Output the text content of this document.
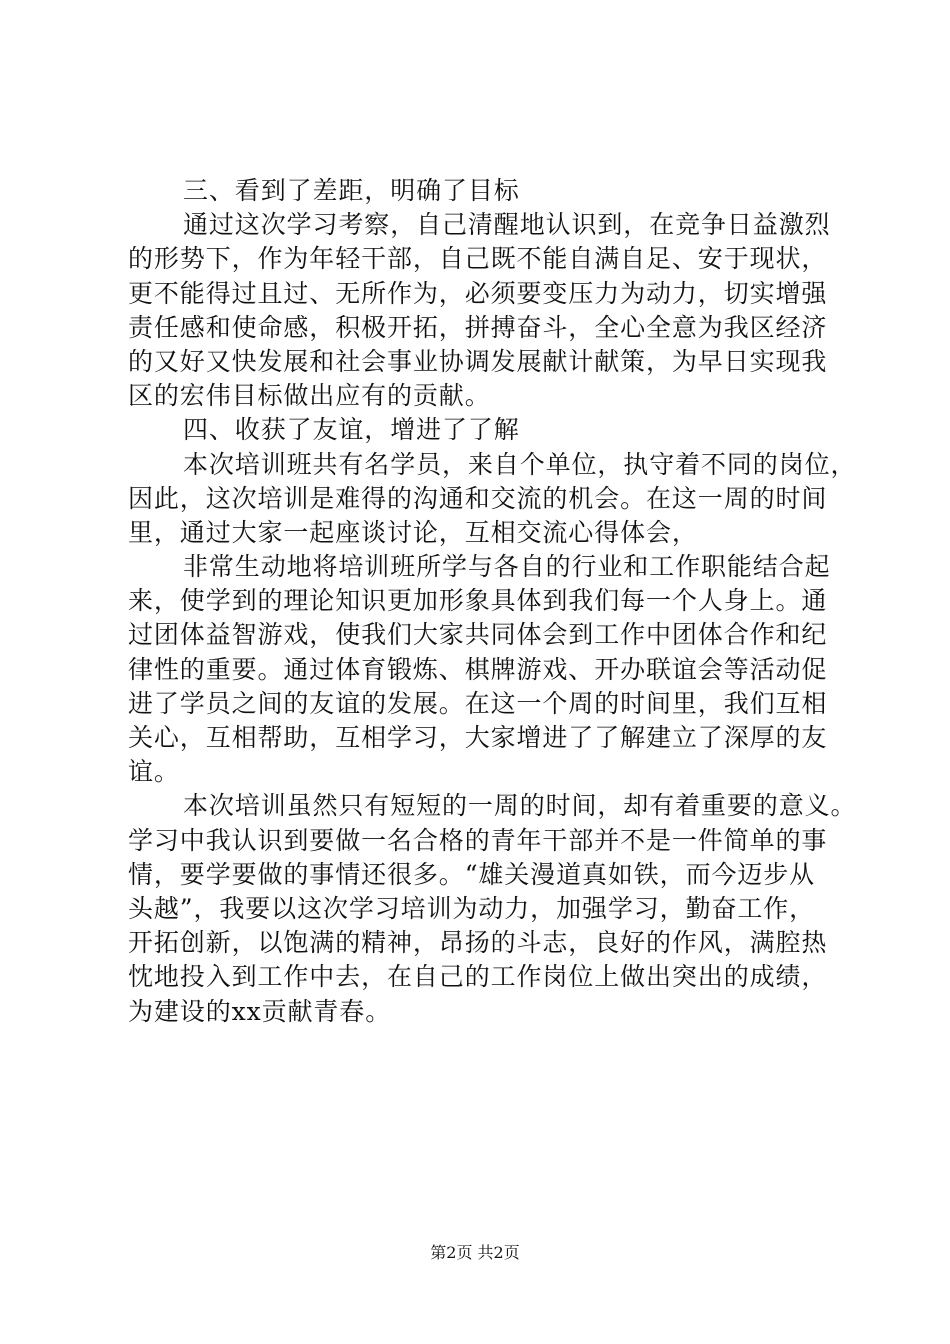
三、看到了差距，明确了目标
通过这次学习考察，自己清醒地认识到，在竞争日益激烈
的形势下，作为年轻干部，自己既不能自满自足、安于现状，
更不能得过且过、无所作为，必须要变压力为动力，切实增强
责任感和使命感，积极开拓，拼搏奋斗，全心全意为我区经济
的又好又快发展和社会事业协调发展献计献策，为早日实现我
区的宏伟目标做出应有的贡献。
四、收获了友谊，增进了了解
本次培训班共有名学员，来自个单位，执守着不同的岗位，
因此，这次培训是难得的沟通和交流的机会。在这一周的时间
里，通过大家一起座谈讨论，互相交流心得体会，
非常生动地将培训班所学与各自的行业和工作职能结合起
来，使学到的理论知识更加形象具体到我们每一个人身上。通
过团体益智游戏，使我们大家共同体会到工作中团体合作和纪
律性的重要。通过体育锻炼、棋牌游戏、开办联谊会等活动促
进了学员之间的友谊的发展。在这一个周的时间里，我们互相
关心，互相帮助，互相学习，大家增进了了解建立了深厚的友
谊。
本次培训虽然只有短短的一周的时间，却有着重要的意义。
学习中我认识到要做一名合格的青年干部并不是一件简单的事
情，要学要做的事情还很多。“雄关漫道真如铁，而今迈步从
头越”，我要以这次学习培训为动力，加强学习，勤奋工作，
开拓创新，以饱满的精神，昂扬的斗志，良好的作风，满腔热
忱地投入到工作中去，在自己的工作岗位上做出突出的成绩，
为建设的xx贡献青春。
第2页 共2页
